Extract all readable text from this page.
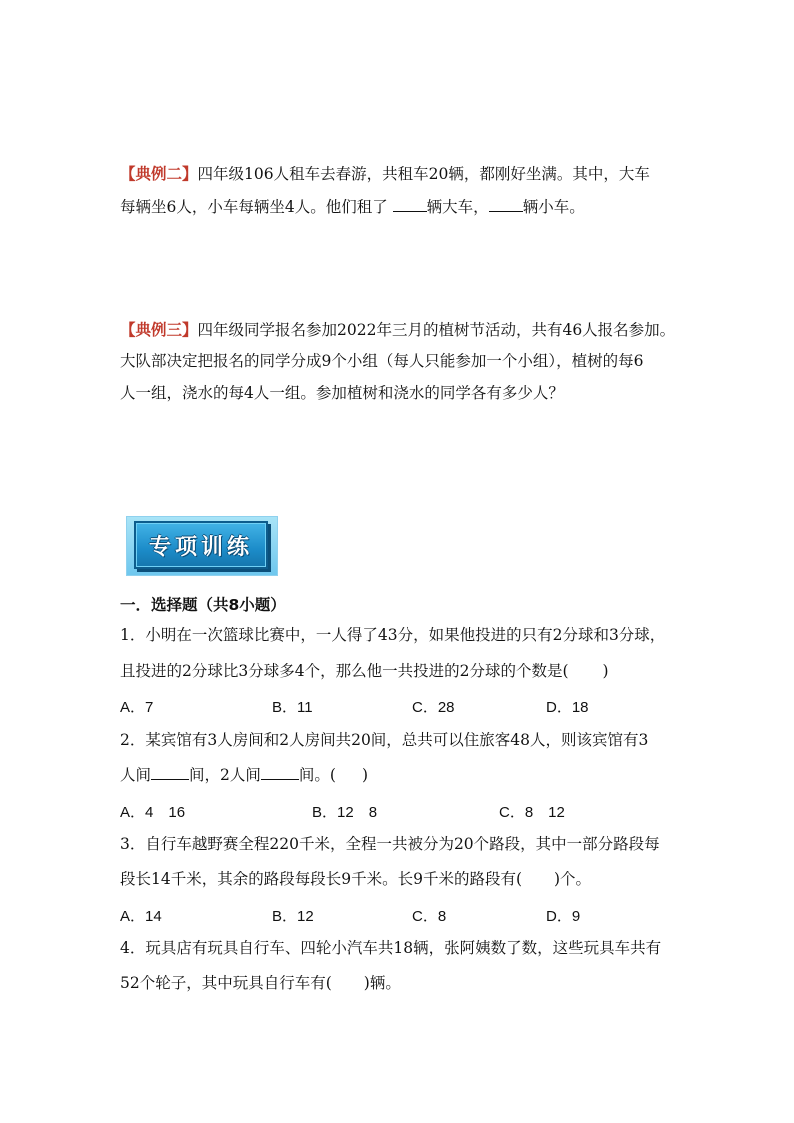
【典例二】四年级106人租车去春游，共租车20辆，都刚好坐满。其中，大车
每辆坐6人，小车每辆坐4人。他们租了	辆大车， 辆小车。
【典例三】四年级同学报名参加2022年三月的植树节活动，共有46人报名参加。
大队部决定把报名的同学分成9个小组（每人只能参加一个小组），植树的每6
人一组，浇水的每4人一组。参加植树和浇水的同学各有多少人？
专项训练
一．选择题（共8小题）
1．小明在一次篮球比赛中，一人得了43分，如果他投进的只有2分球和3分球，
且投进的2分球比3分球多4个，那么他一共投进的2分球的个数是( )
A．7	B．11	C．28	D．18
2．某宾馆有3人房间和2人房间共20间，总共可以住旅客48人，则该宾馆有3
人间 间，2人间 间。( )
A．4　16	B．12　8	C．8　12
3．自行车越野赛全程220千米，全程一共被分为20个路段，其中一部分路段每
段长14千米，其余的路段每段长9千米。长9千米的路段有( )个。
A．14	B．12	C．8	D．9
4．玩具店有玩具自行车、四轮小汽车共18辆，张阿姨数了数，这些玩具车共有
52个轮子，其中玩具自行车有( )辆。
